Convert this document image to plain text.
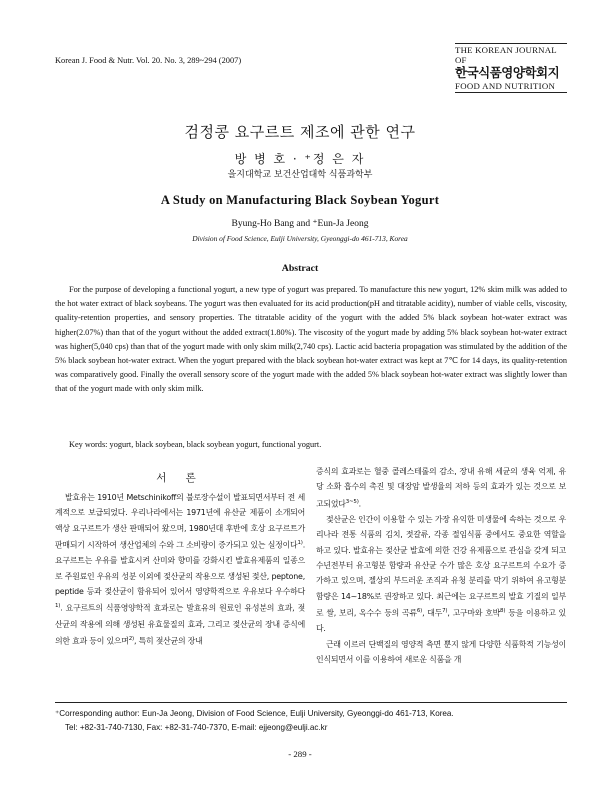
Korean J. Food & Nutr. Vol. 20. No. 3, 289~294 (2007)
THE KOREAN JOURNAL OF
한국식품영양학회지
FOOD AND NUTRITION
검정콩 요구르트 제조에 관한 연구
방 병 호 · ⁺정 은 자
을지대학교 보건산업대학 식품과학부
A Study on Manufacturing Black Soybean Yogurt
Byung-Ho Bang and ⁺Eun-Ja Jeong
Division of Food Science, Eulji University, Gyeonggi-do 461-713, Korea
Abstract
For the purpose of developing a functional yogurt, a new type of yogurt was prepared. To manufacture this new yogurt, 12% skim milk was added to the hot water extract of black soybeans. The yogurt was then evaluated for its acid production(pH and titratable acidity), number of viable cells, viscosity, quality-retention properties, and sensory properties. The titratable acidity of the yogurt with the added 5% black soybean hot-water extract was higher(2.07%) than that of the yogurt without the added extract(1.80%). The viscosity of the yogurt made by adding 5% black soybean hot-water extract was higher(5,040 cps) than that of the yogurt made with only skim milk(2,740 cps). Lactic acid bacteria propagation was stimulated by the addition of the 5% black soybean hot-water extract. When the yogurt prepared with the black soybean hot-water extract was kept at 7℃ for 14 days, its quality-retention was comparatively good. Finally the overall sensory score of the yogurt made with the added 5% black soybean hot-water extract was slightly lower than that of the yogurt made with only skim milk.
Key words: yogurt, black soybean, black soybean yogurt, functional yogurt.
서 론

발효유는 1910년 Metschinikoff의 불로장수설이 발표되면서부터 전 세계적으로 보급되었다. 우리나라에서는 1971년에 유산균 제품이 소개되어 액상 요구르트가 생산 판매되어 왔으며, 1980년대 후반에 호상 요구르트가 판매되기 시작하여 생산업체의 수와 그 소비량이 증가되고 있는 실정이다$^{1)}$. 요구르트는 우유를 발효시켜 산미와 향미를 강화시킨 발효유제품의 일종으로 주원료인 우유의 성분 이외에 젖산균의 작용으로 생성된 젖산, peptone, peptide 등과 젖산균이 함유되어 있어서 영양학적으로 우유보다 우수하다$^{1)}$. 요구르트의 식품영양학적 효과로는 발효유의 원료인 유성분의 효과, 젖산균의 작용에 의해 생성된 유효물질의 효과, 그리고 젖산균의 장내 증식에 의한 효과 등이 있으며$^{2)}$, 특히 젖산균의 장내

증식의 효과로는 혈중 콜레스테롤의 감소, 장내 유해 세균의 생육 억제, 유당 소화 흡수의 촉진 및 대장암 발생율의 저하 등의 효과가 있는 것으로 보고되었다$^{3\sim 5)}$.

젖산균은 인간이 이용할 수 있는 가장 유익한 미생물에 속하는 것으로 우리나라 전통 식품의 김치, 젓갈류, 각종 절임식품 중에서도 중요한 역할을 하고 있다. 발효유는 젖산균 발효에 의한 건강 유제품으로 관심을 갖게 되고 수년전부터 유고형분 함량과 유산균 수가 많은 호상 요구르트의 수요가 증가하고 있으며, 젤상의 부드러운 조직과 유청 분리를 막기 위하여 유고형분 함량은 14~18%로 권장하고 있다. 최근에는 요구르트의 발효 기질의 일부로 쌀, 보리, 옥수수 등의 곡류$^{6)}$, 대두$^{7)}$, 고구마와 호박$^{8)}$ 등을 이용하고 있다.

근래 이르러 단백질의 영양적 측면 뿐지 않게 다양한 식품학적 기능성이 인식되면서 이를 이용하여 새로운 식품을 개

⁺Corresponding author: Eun-Ja Jeong, Division of Food Science, Eulji University, Gyeonggi-do 461-713, Korea.
Tel: +82-31-740-7130, Fax: +82-31-740-7370, E-mail: ejjeong@eulji.ac.kr
- 289 -
